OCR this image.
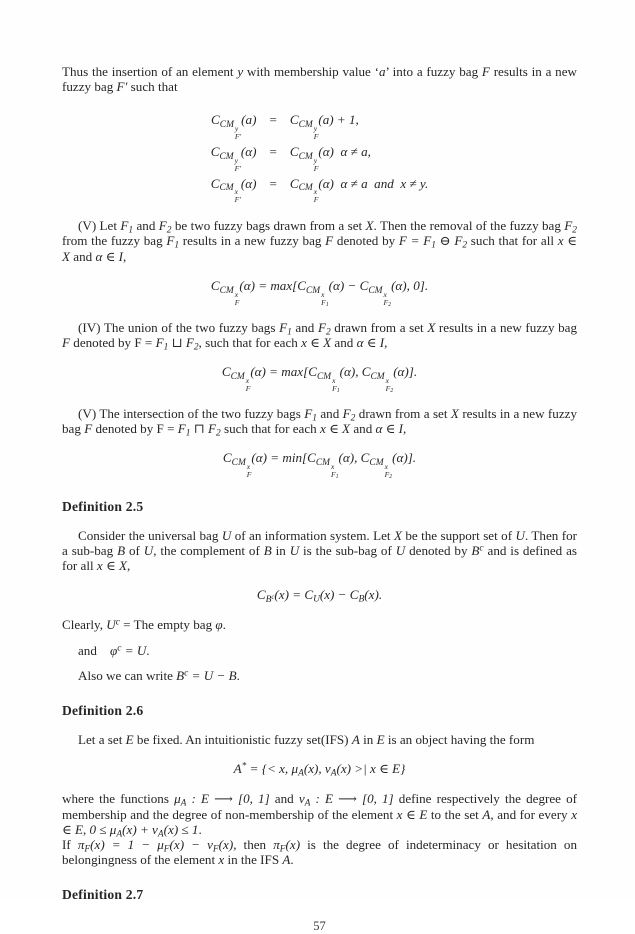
Thus the insertion of an element y with membership value ‘a’ into a fuzzy bag F results in a new fuzzy bag F′ such that

$C_{CM y F'}$
(a)	=	$C_{CM y F}$
(a) + 1,
$C_{CM y F'}$
(α)	=	$C_{CM y F}$
(α) α ≠ a,
$C_{CM x F'}$
(α)	=	$C_{CM x F}$
(α) α ≠ a and x ≠ y.

(V) Let $F_1$ and $F_2$ be two fuzzy bags drawn from a set X. Then the removal of the fuzzy bag $F_2$ from the fuzzy bag $F_1$ results in a new fuzzy bag F denoted by $F = F_1$ ⊖ $F_2$ such that for all x ∈ X and α ∈ I,

$C_{CM x F}$
$(\alpha) = \max[C_{CM x F_1}$
$(\alpha) - C_{CM x F_2}$
(α), 0].

(IV) The union of the two fuzzy bags $F_1$ and $F_2$ drawn from a set X results in a new fuzzy bag F denoted by $F = F_1$ ⊔ $F_2$, such that for each x ∈ X and α ∈ I,

$C_{CM x F}$
$(\alpha) = \max[C_{CM x F_1}$
(α), $C_{CM x F_2}$
(α)].

(V) The intersection of the two fuzzy bags $F_1$ and $F_2$ drawn from a set X results in a new fuzzy bag F denoted by $F = F_1$ ⊓ $F_2$ such that for each x ∈ X and α ∈ I,

$C_{CM x F}$
$(\alpha) = \min[C_{CM x F_1}$
(α), $C_{CM x F_2}$
(α)].
Definition 2.5

Consider the universal bag U of an information system. Let X be the support set of U. Then for a sub-bag B of U, the complement of B in U is the sub-bag of U denoted by $B^c$ and is defined as for all x ∈ X,

$C_{B^c}(x) = C_U(x) - C_B(x)$.

Clearly, $U^c$ = The empty bag φ.

and $\varphi^c = U$.

Also we can write $B^c = U - B$.

Definition 2.6

Let a set E be fixed. An intuitionistic fuzzy set(IFS) A in E is an object having the form

A* = {< x, $\mu_A(x)$, $\nu_A(x)$ >| x ∈ E}

where the functions $\mu_A$ : E ⟶ [0, 1] and $\nu_A$ : E ⟶ [0, 1] define respectively the degree of membership and the degree of non-membership of the element x ∈ E to the set A, and for every x ∈ E, $0 \le \mu_A(x) + \nu_A(x) \le 1$.

If $\pi_F(x) = 1 - \mu_F(x) - \nu_F(x)$, then $\pi_F(x)$ is the degree of indeterminacy or hesitation on belongingness of the element x in the IFS A.

Definition 2.7
57
